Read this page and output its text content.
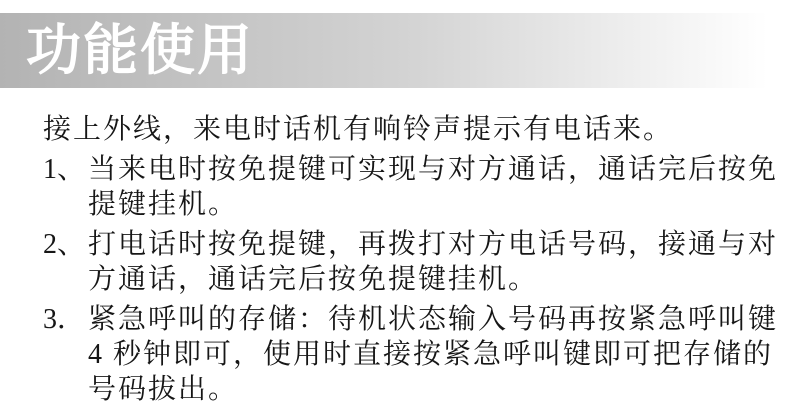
功能使用
接上外线，来电时话机有响铃声提示有电话来。
1、 当来电时按免提键可实现与对方通话，通话完后按免
提键挂机。
2、 打电话时按免提键，再拨打对方电话号码，接通与对
方通话，通话完后按免提键挂机。
3． 紧急呼叫的存储：待机状态输入号码再按紧急呼叫键
4 秒钟即可，使用时直接按紧急呼叫键即可把存储的
号码拔出。
